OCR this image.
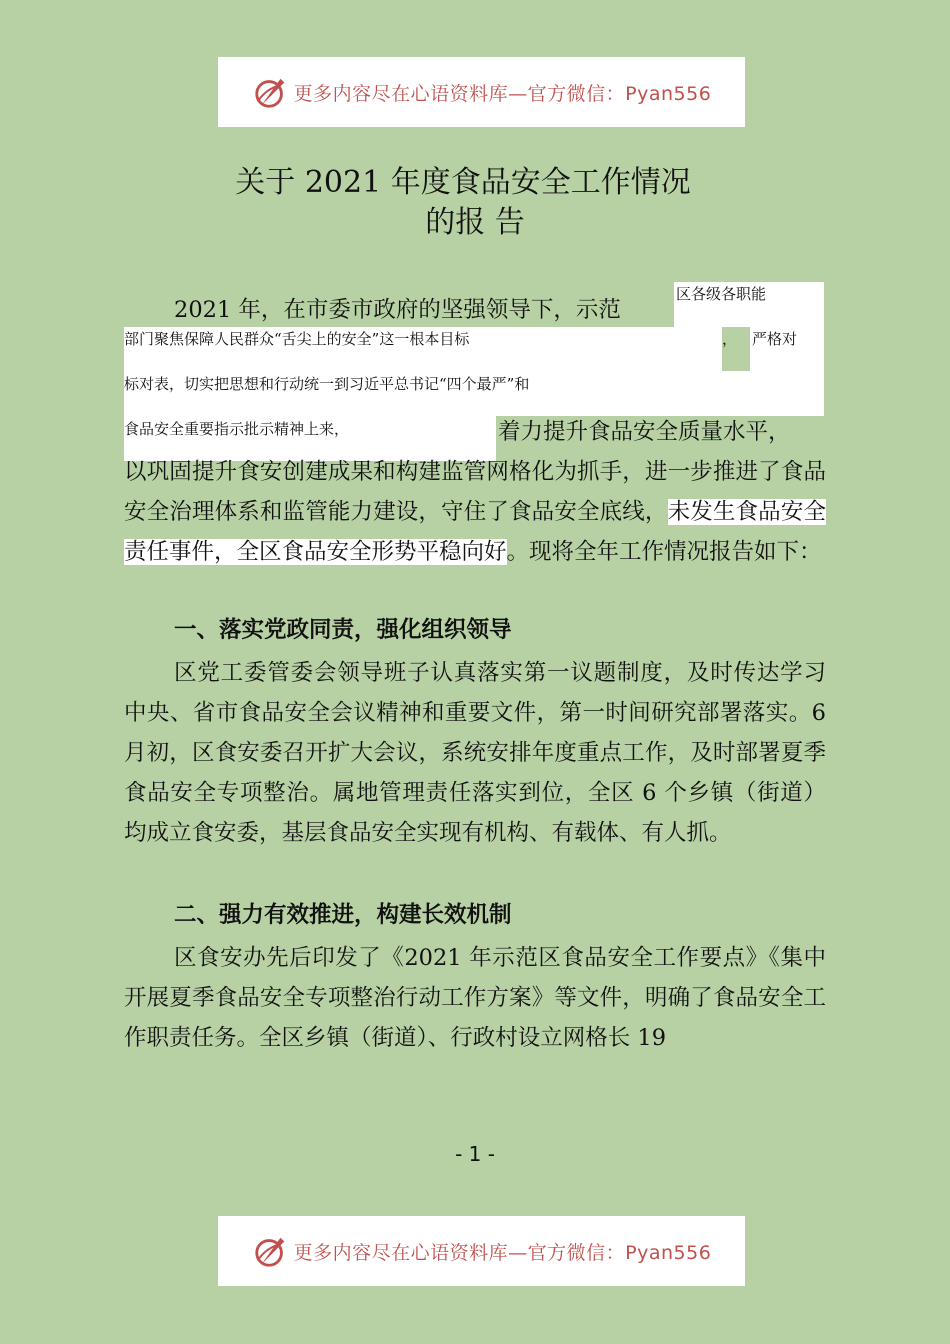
更多内容尽在心语资料库—官方微信：Pyan556
关于 2021 年度食品安全工作情况
的报 告
2021 年，在市委市政府的坚强领导下，示范
区各级各职能
部门聚焦保障人民群众“舌尖上的安全”这一根本目标	， 严格对
标对表，切实把思想和行动统一到习近平总书记“四个最严”和
食品安全重要指示批示精神上来，	着力提升食品安全质量水平，

以巩固提升食安创建成果和构建监管网格化为抓手，进一步推进了食品安全治理体系和监管能力建设，守住了食品安全底线，未发生食品安全责任事件，全区食品安全形势平稳向好。现将全年工作情况报告如下：

一、落实党政同责，强化组织领导

区党工委管委会领导班子认真落实第一议题制度，及时传达学习中央、省市食品安全会议精神和重要文件，第一时间研究部署落实。6 月初，区食安委召开扩大会议，系统安排年度重点工作，及时部署夏季食品安全专项整治。属地管理责任落实到位，全区 6 个乡镇（街道）均成立食安委，基层食品安全实现有机构、有载体、有人抓。

二、强力有效推进，构建长效机制

区食安办先后印发了《2021 年示范区食品安全工作要点》《集中开展夏季食品安全专项整治行动工作方案》等文件，明确了食品安全工作职责任务。全区乡镇（街道）、行政村设立网格长 19

- 1 -
更多内容尽在心语资料库—官方微信：Pyan556
